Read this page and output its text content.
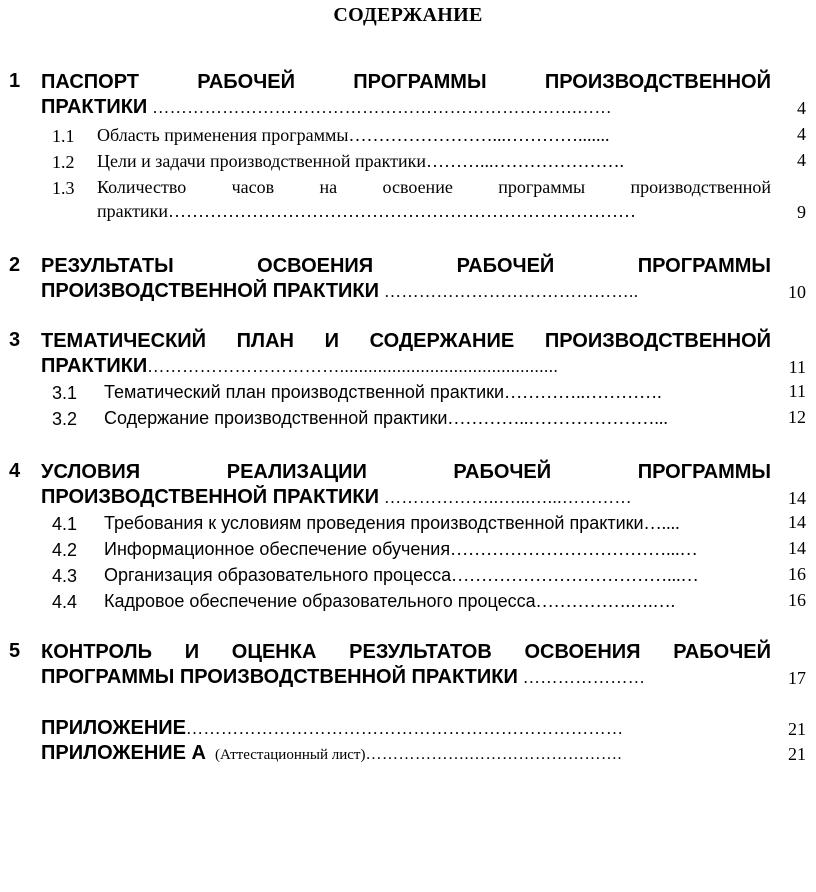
СОДЕРЖАНИЕ
1 ПАСПОРТ РАБОЧЕЙ ПРОГРАММЫ ПРОИЗВОДСТВЕННОЙ
ПРАКТИКИ ……………………………………………………………….……	4
1.1 Область применения программы……………………...………….......	4
1.2 Цели и задачи производственной практики………...………………….	4
1.3 Количество часов на освоение программы производственной
практики……………………………………………………………………	9
2 РЕЗУЛЬТАТЫ ОСВОЕНИЯ РАБОЧЕЙ ПРОГРАММЫ
ПРОИЗВОДСТВЕННОЙ ПРАКТИКИ ……………………………………..	10
3 ТЕМАТИЧЕСКИЙ ПЛАН И СОДЕРЖАНИЕ ПРОИЗВОДСТВЕННОЙ
ПРАКТИКИ……………………………..............................................	11
3.1 Тематический план производственной практики…………..………….	11
3.2 Содержание производственной практики…………..…………………...	12
4 УСЛОВИЯ РЕАЛИЗАЦИИ РАБОЧЕЙ ПРОГРАММЫ
ПРОИЗВОДСТВЕННОЙ ПРАКТИКИ ………………..…...…...…………	14
4.1 Требования к условиям проведения производственной практики…....	14
4.2 Информационное обеспечение обучения………………………………...…	14
4.3 Организация образовательного процесса………………………………...…	16
4.4 Кадровое обеспечение образовательного процесса…………….….….	16
5 КОНТРОЛЬ И ОЦЕНКА РЕЗУЛЬТАТОВ ОСВОЕНИЯ РАБОЧЕЙ
ПРОГРАММЫ ПРОИЗВОДСТВЕННОЙ ПРАКТИКИ …………………	17
ПРИЛОЖЕНИЕ…………………………………………………………………	21
ПРИЛОЖЕНИЕ А (Аттестационный лист)……………….……………………….	21
